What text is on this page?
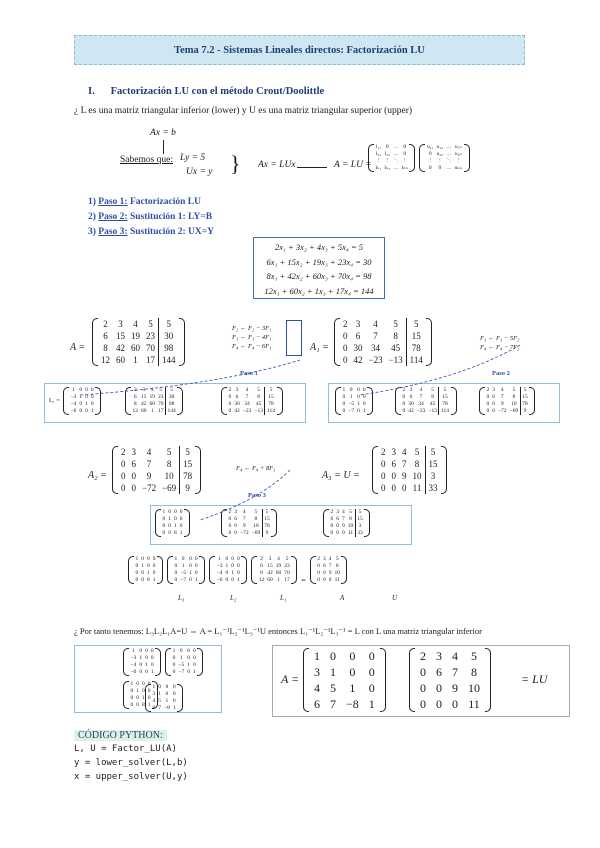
Tema 7.2 - Sistemas Lineales directos: Factorización LU
I. Factorización LU con el método Crout/Doolittle
¿ L es una matriz triangular inferior (lower) y U es una matriz triangular superior (upper)
Ax = b
Sabemos que: Ly = 5
Ux = y } Ax = LUx	A = LU =
l₁₁	0	…	0
l₂₁	l₂₂	…	0
⋮	⋮	⋱	⋮
lₙ₁	lₙ₂	…	lₙₙ

u₁₁	u₁₂	…	u₁ₙ
0	u₂₂	…	u₂ₙ
⋮	⋮	⋱	⋮
0	0	…	uₙₙ
1) Paso 1: Factorización LU
2) Paso 2: Sustitución 1: LY=B
3) Paso 3: Sustitución 2: UX=Y
2x₁ + 3x₂ + 4x₃ + 5x₄ = 5
6x₁ + 15x₂ + 19x₃ + 23x₄ = 30
8x₁ + 42x₂ + 60x₃ + 70x₄ = 98
12x₁ + 60x₂ + 1x₃ + 17x₄ = 144
A =
2	3	4	5	5
6	15	19	23	30
8	42	60	70	98
12	60	1	17	144
F₂ ← F₂ − 3F₁
F₃ ← F₃ − 4F₁
F₄ ← F₄ − 6F₁
Paso 1
A₁ =
2	3	4	5	5
0	6	7	8	15
0	30	34	45	78
0	42	−23	−13	114
F₃ ← F₃ − 5F₂
F₄ ← F₄ − 7F₂
Paso 2
L₁ =
1	0	0	0
−3	1	0	0
−4	0	1	0
−6	0	0	1
2	3	4	5	5
6	15	19	23	30
8	42	60	70	98
12	60	1	17	144
2	3	4	5	5
0	6	7	8	15
0	30	34	45	78
0	42	−23	−13	114
1	0	0	0
0	1	0	0
0	−5	1	0
0	−7	0	1
2	3	4	5	5
0	6	7	8	15
0	30	34	45	78
0	42	−23	−13	114
2	3	4	5	5
0	6	7	8	15
0	0	9	10	78
0	0	−72	−69	9
A₂ =
2	3	4	5	5
0	6	7	8	15
0	0	9	10	78
0	0	−72	−69	9
F₄ ← F₄ + 8F₃
Paso 3
A₃ = U =
2	3	4	5	5
0	6	7	8	15
0	0	9	10	3
0	0	0	11	33
1	0	0	0
0	1	0	0
0	0	1	0
0	0	8	1
2	3	4	5	5
0	6	7	8	15
0	0	9	10	78
0	0	−72	−69	9
2	3	4	5	5
0	6	7	8	15
0	0	9	10	3
0	0	0	11	33
1	0	0	0
0	1	0	0
0	0	1	0
0	0	8	1

1	0	0	0
0	1	0	0
0	−5	1	0
0	−7	0	1

1	0	0	0
−3	1	0	0
−4	0	1	0
−6	0	0	1

2	3	4	5
6	15	19	23
8	42	60	70
12	60	1	17 =
2	3	4	5
0	6	7	8
0	0	9	10
0	0	0	11
L₃	L₂	L₁	A	U
¿ Por tanto tenemos: L₃L₂L₁A=U ⇔ A = L₁⁻¹L₂⁻¹L₃⁻¹U entonces L₁⁻¹L₂⁻¹L₃⁻¹ = L con L una matriz triangular inferior
1	0	0	0
−3	1	0	0
−4	0	1	0
−6	0	0	1

1	0	0	0
0	1	0	0
0	−5	1	0
0	−7	0	1

1	0	0	0
0	1	0	0
0	0	1	0
0	0	8	1
1	0	0	0
3	1	0	0
4	5	1	0
6	7	−8	1
A =
1	0	0	0
3	1	0	0
4	5	1	0
6	7	−8	1
2	3	4	5
0	6	7	8
0	0	9	10
0	0	0	11
= LU
CÓDIGO PYTHON:
L, U = Factor_LU(A)
y = lower_solver(L,b)
x = upper_solver(U,y)
